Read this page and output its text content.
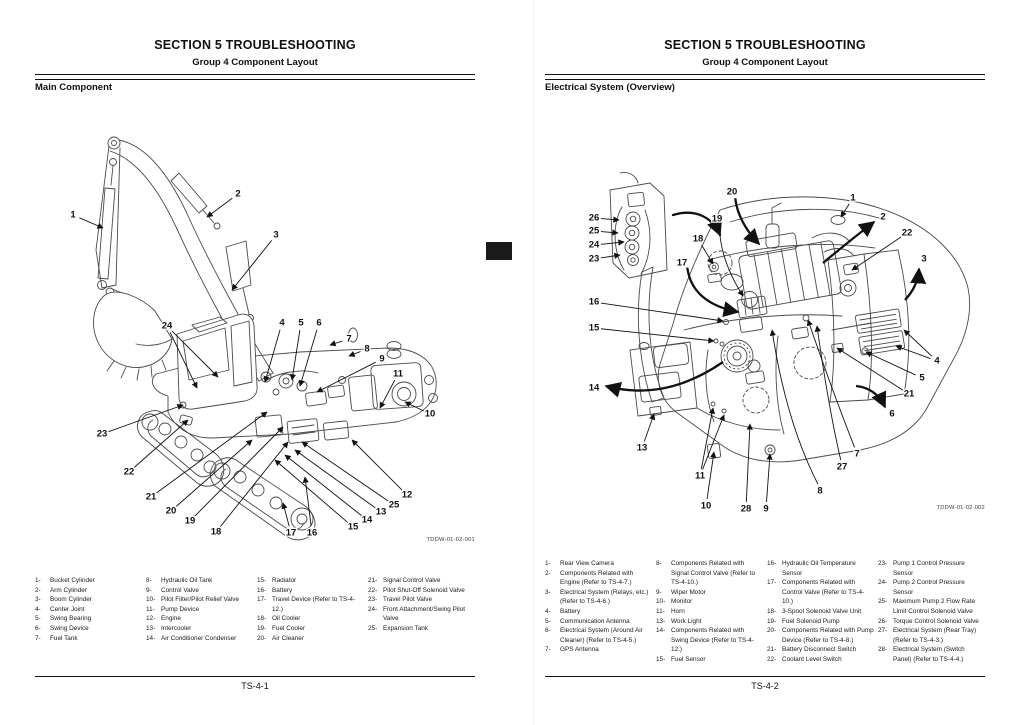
SECTION 5 TROUBLESHOOTING
Group 4 Component Layout
Main Component
1
2
3
24	4 5 6
7
8
9
11
10
23
22
21
20
19
18	17 16
15
14
13
25
12
TDDW-01-02-001
1-	Bucket Cylinder
2-	Arm Cylinder
3-	Boom Cylinder
4-	Center Joint
5-	Swing Bearing
6-	Swing Device
7-	Fuel Tank
8-	Hydraulic Oil Tank
9-	Control Valve
10- Pilot Filter/Pilot Relief Valve
11- Pump Device
12- Engine
13- Intercooler
14- Air Conditioner Condenser
15- Radiator
16- Battery
17- Travel Device (Refer to TS-4-12.)
18- Oil Cooler
19- Fuel Cooler
20- Air Cleaner
21- Signal Control Valve
22- Pilot Shut-Off Solenoid Valve
23- Travel Pilot Valve
24- Front Attachment/Swing Pilot Valve
25- Expansion Tank
TS-4-1
SECTION 5 TROUBLESHOOTING
Group 4 Component Layout
Electrical System (Overview)
1
2
3
22
4
5
21
6
7
27
8
9
28
10
11
13
14
15
16
17
18
19
20
23
24
25
26
TDDW-01-02-002
1-	Rear View Camera
2-	Components Related with Engine (Refer to TS-4-7.)
3-	Electrical System (Relays, etc.) (Refer to TS-4-6.)
4-	Battery
5-	Communication Antenna
6-	Electrical System (Around Air Cleaner) (Refer to TS-4-5.)
7-	GPS Antenna
8-	Components Related with Signal Control Valve (Refer to TS-4-10.)
9-	Wiper Motor
10- Monitor
11- Horn
13- Work Light
14- Components Related with Swing Device (Refer to TS-4-12.)
15- Fuel Sensor
16- Hydraulic Oil Temperature Sensor
17- Components Related with Control Valve (Refer to TS-4-10.)
18- 3-Spool Solenoid Valve Unit
19- Fuel Solenoid Pump
20- Components Related with Pump Device (Refer to TS-4-8.)
21- Battery Disconnect Switch
22- Coolant Level Switch
23- Pump 1 Control Pressure Sensor
24- Pump 2 Control Pressure Sensor
25- Maximum Pump 2 Flow Rate Limit Control Solenoid Valve
26- Torque Control Solenoid Valve
27- Electrical System (Rear Tray) (Refer to TS-4-3.)
28- Electrical System (Switch Panel) (Refer to TS-4-4.)
TS-4-2
